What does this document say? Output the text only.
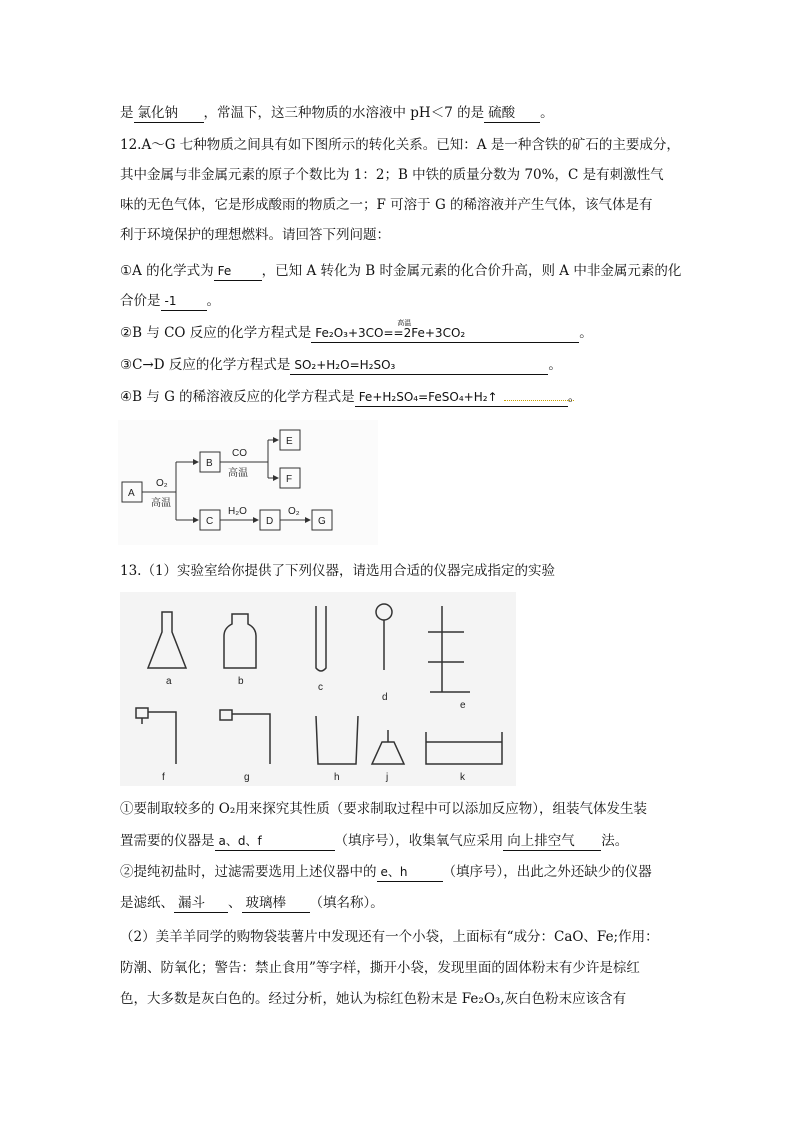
是 氯化钠 ，常温下，这三种物质的水溶液中 pH＜7 的是 硫酸 。
12.A～G 七种物质之间具有如下图所示的转化关系。已知：A 是一种含铁的矿石的主要成分，
其中金属与非金属元素的原子个数比为 1：2；B 中铁的质量分数为 70%，C 是有刺激性气
味的无色气体，它是形成酸雨的物质之一；F 可溶于 G 的稀溶液并产生气体，该气体是有
利于环境保护的理想燃料。请回答下列问题：
①A 的化学式为 Fe ，已知 A 转化为 B 时金属元素的化合价升高，则 A 中非金属元素的化
合价是 -1 。
②B 与 CO 反应的化学方程式是 Fe₂O₃+3CO==2Fe+3CO₂
高温
。
③C→D 反应的化学方程式是 SO₂+H₂O=H₂SO₃	。
④B 与 G 的稀溶液反应的化学方程式是 Fe+H₂SO₄=FeSO₄+H₂↑	。
A
O₂
高温
B
CO
高温
E
F
C
H₂O
D
O₂
G
13.（1）实验室给你提供了下列仪器，请选用合适的仪器完成指定的实验
a	b
c
d
e
f	g	h	j	k
①要制取较多的 O₂用来探究其性质（要求制取过程中可以添加反应物），组装气体发生装
置需要的仪器是 a、d、f	（填序号），收集氧气应采用 向上排空气 法。
②提纯初盐时，过滤需要选用上述仪器中的 e、h	（填序号），出此之外还缺少的仪器
是滤纸、 漏斗 、 玻璃棒 （填名称）。
（2）美羊羊同学的购物袋装薯片中发现还有一个小袋，上面标有“成分：CaO、Fe;作用：
防潮、防氧化；警告：禁止食用”等字样，撕开小袋，发现里面的固体粉末有少许是棕红
色，大多数是灰白色的。经过分析，她认为棕红色粉末是 Fe₂O₃,灰白色粉末应该含有
